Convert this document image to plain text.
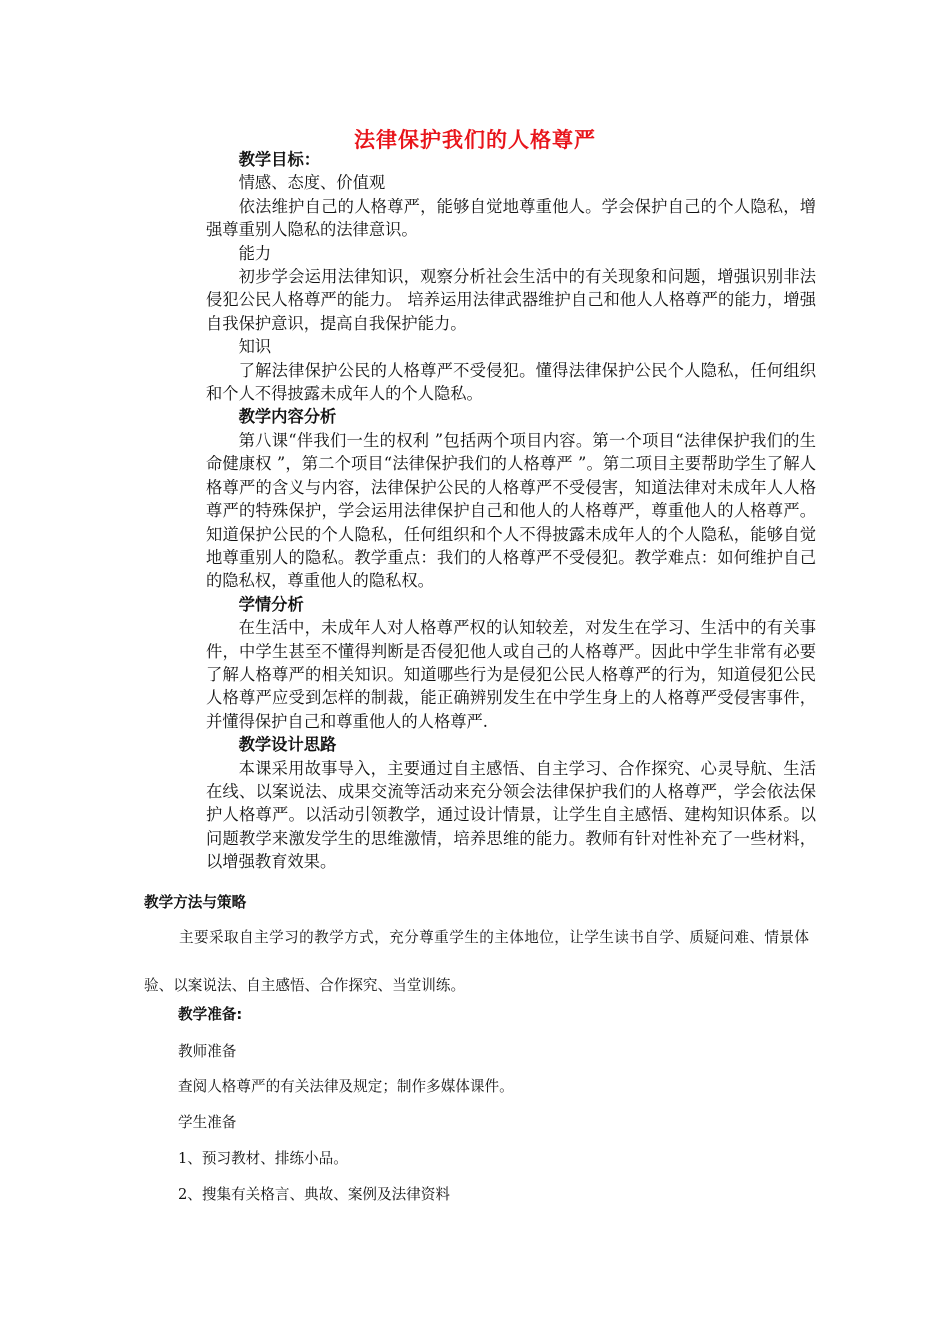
法律保护我们的人格尊严

教学目标：

情感、态度、价值观

依法维护自己的人格尊严，能够自觉地尊重他人。学会保护自己的个人隐私，增强尊重别人隐私的法律意识。

能力

初步学会运用法律知识，观察分析社会生活中的有关现象和问题，增强识别非法侵犯公民人格尊严的能力。 培养运用法律武器维护自己和他人人格尊严的能力，增强自我保护意识，提高自我保护能力。

知识

了解法律保护公民的人格尊严不受侵犯。懂得法律保护公民个人隐私，任何组织和个人不得披露未成年人的个人隐私。

教学内容分析

第八课“伴我们一生的权利 ”包括两个项目内容。第一个项目“法律保护我们的生命健康权 ”，第二个项目“法律保护我们的人格尊严 ”。第二项目主要帮助学生了解人格尊严的含义与内容，法律保护公民的人格尊严不受侵害，知道法律对未成年人人格尊严的特殊保护，学会运用法律保护自己和他人的人格尊严，尊重他人的人格尊严。知道保护公民的个人隐私，任何组织和个人不得披露未成年人的个人隐私，能够自觉地尊重别人的隐私。教学重点：我们的人格尊严不受侵犯。教学难点：如何维护自己的隐私权，尊重他人的隐私权。

学情分析

在生活中，未成年人对人格尊严权的认知较差，对发生在学习、生活中的有关事件，中学生甚至不懂得判断是否侵犯他人或自己的人格尊严。因此中学生非常有必要了解人格尊严的相关知识。知道哪些行为是侵犯公民人格尊严的行为，知道侵犯公民人格尊严应受到怎样的制裁，能正确辨别发生在中学生身上的人格尊严受侵害事件，并懂得保护自己和尊重他人的人格尊严.

教学设计思路

本课采用故事导入，主要通过自主感悟、自主学习、合作探究、心灵导航、生活在线、以案说法、成果交流等活动来充分领会法律保护我们的人格尊严，学会依法保护人格尊严。以活动引领教学，通过设计情景，让学生自主感悟、建构知识体系。以问题教学来激发学生的思维激情，培养思维的能力。教师有针对性补充了一些材料，以增强教育效果。

教学方法与策略

主要采取自主学习的教学方式，充分尊重学生的主体地位，让学生读书自学、质疑问难、情景体验、以案说法、自主感悟、合作探究、当堂训练。

教学准备:
教师准备
查阅人格尊严的有关法律及规定；制作多媒体课件。
学生准备
1、预习教材、排练小品。
2、搜集有关格言、典故、案例及法律资料
